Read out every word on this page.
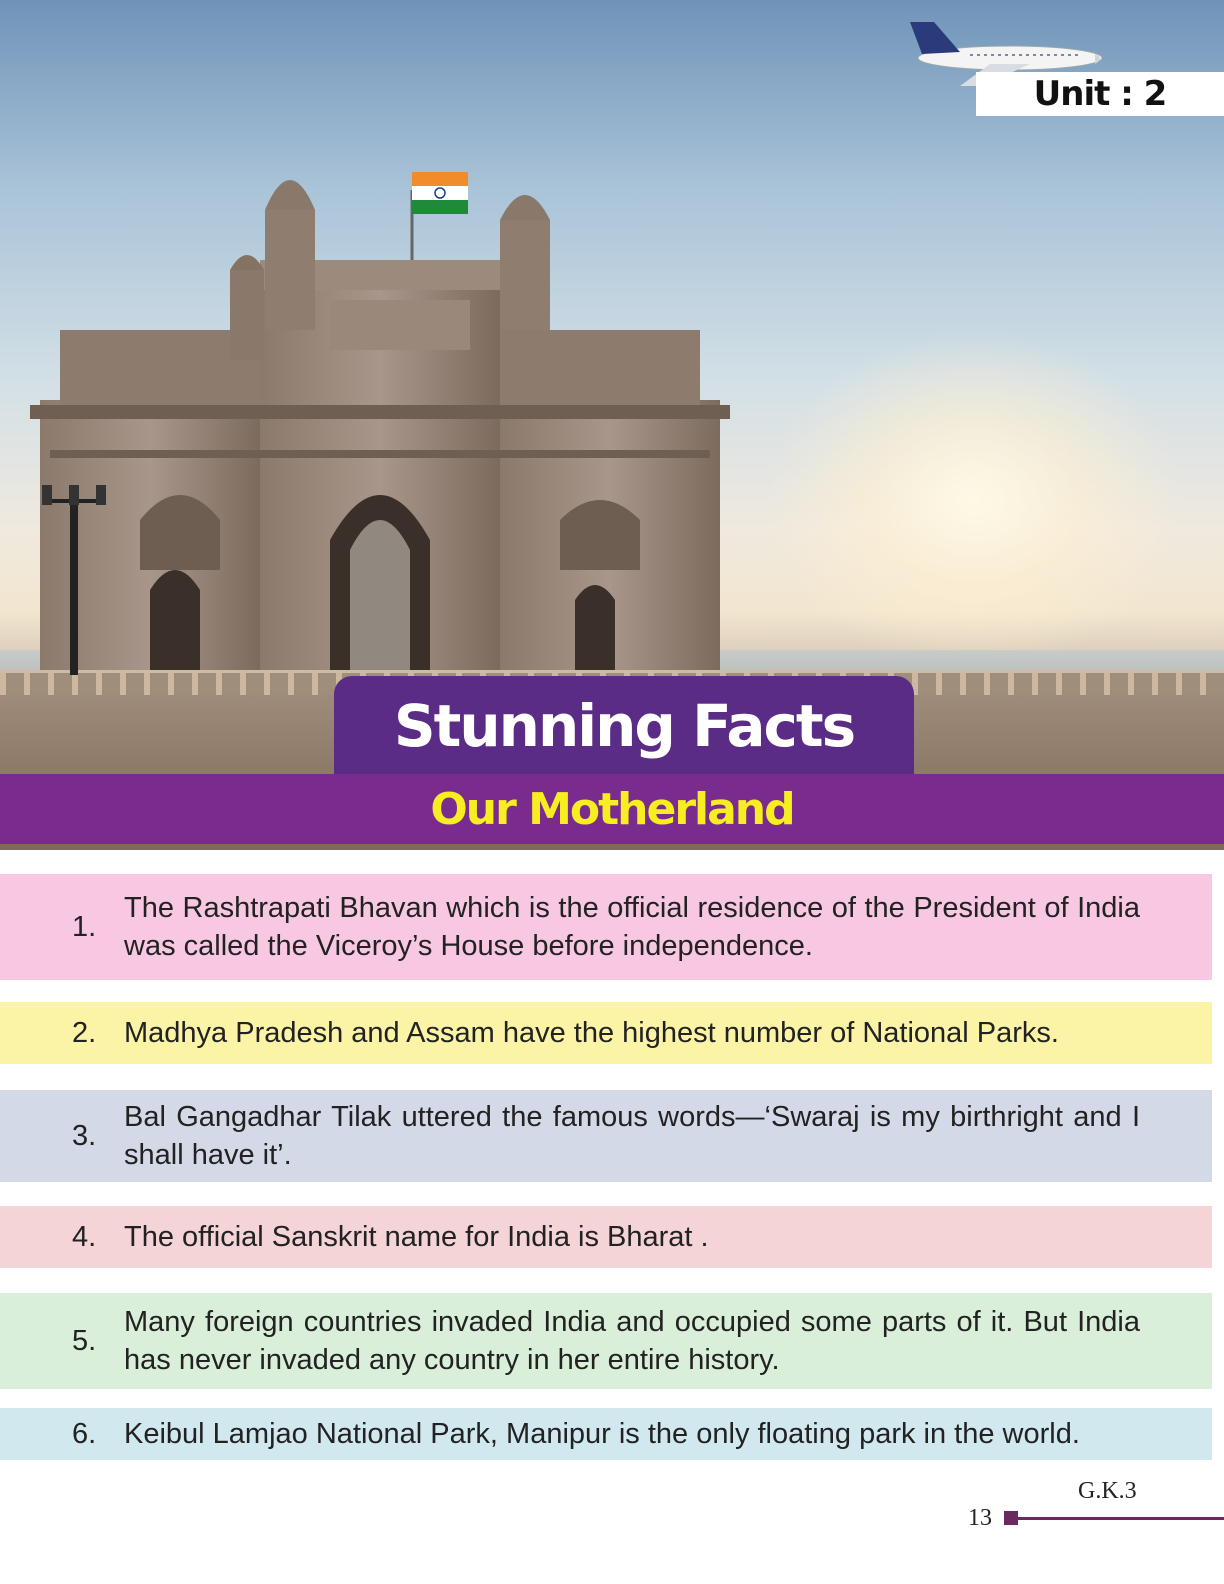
Unit : 2
Stunning Facts
Our Motherland
1.
The Rashtrapati Bhavan which is the official residence of the President of India was called the Viceroy’s House before independence.
2. Madhya Pradesh and Assam have the highest number of National Parks.
3.
Bal Gangadhar Tilak uttered the famous words—‘Swaraj is my birthright and I shall have it’.
4. The official Sanskrit name for India is Bharat .
5.
Many foreign countries invaded India and occupied some parts of it. But India has never invaded any country in her entire history.
6. Keibul Lamjao National Park, Manipur is the only floating park in the world.
G.K.3
13
